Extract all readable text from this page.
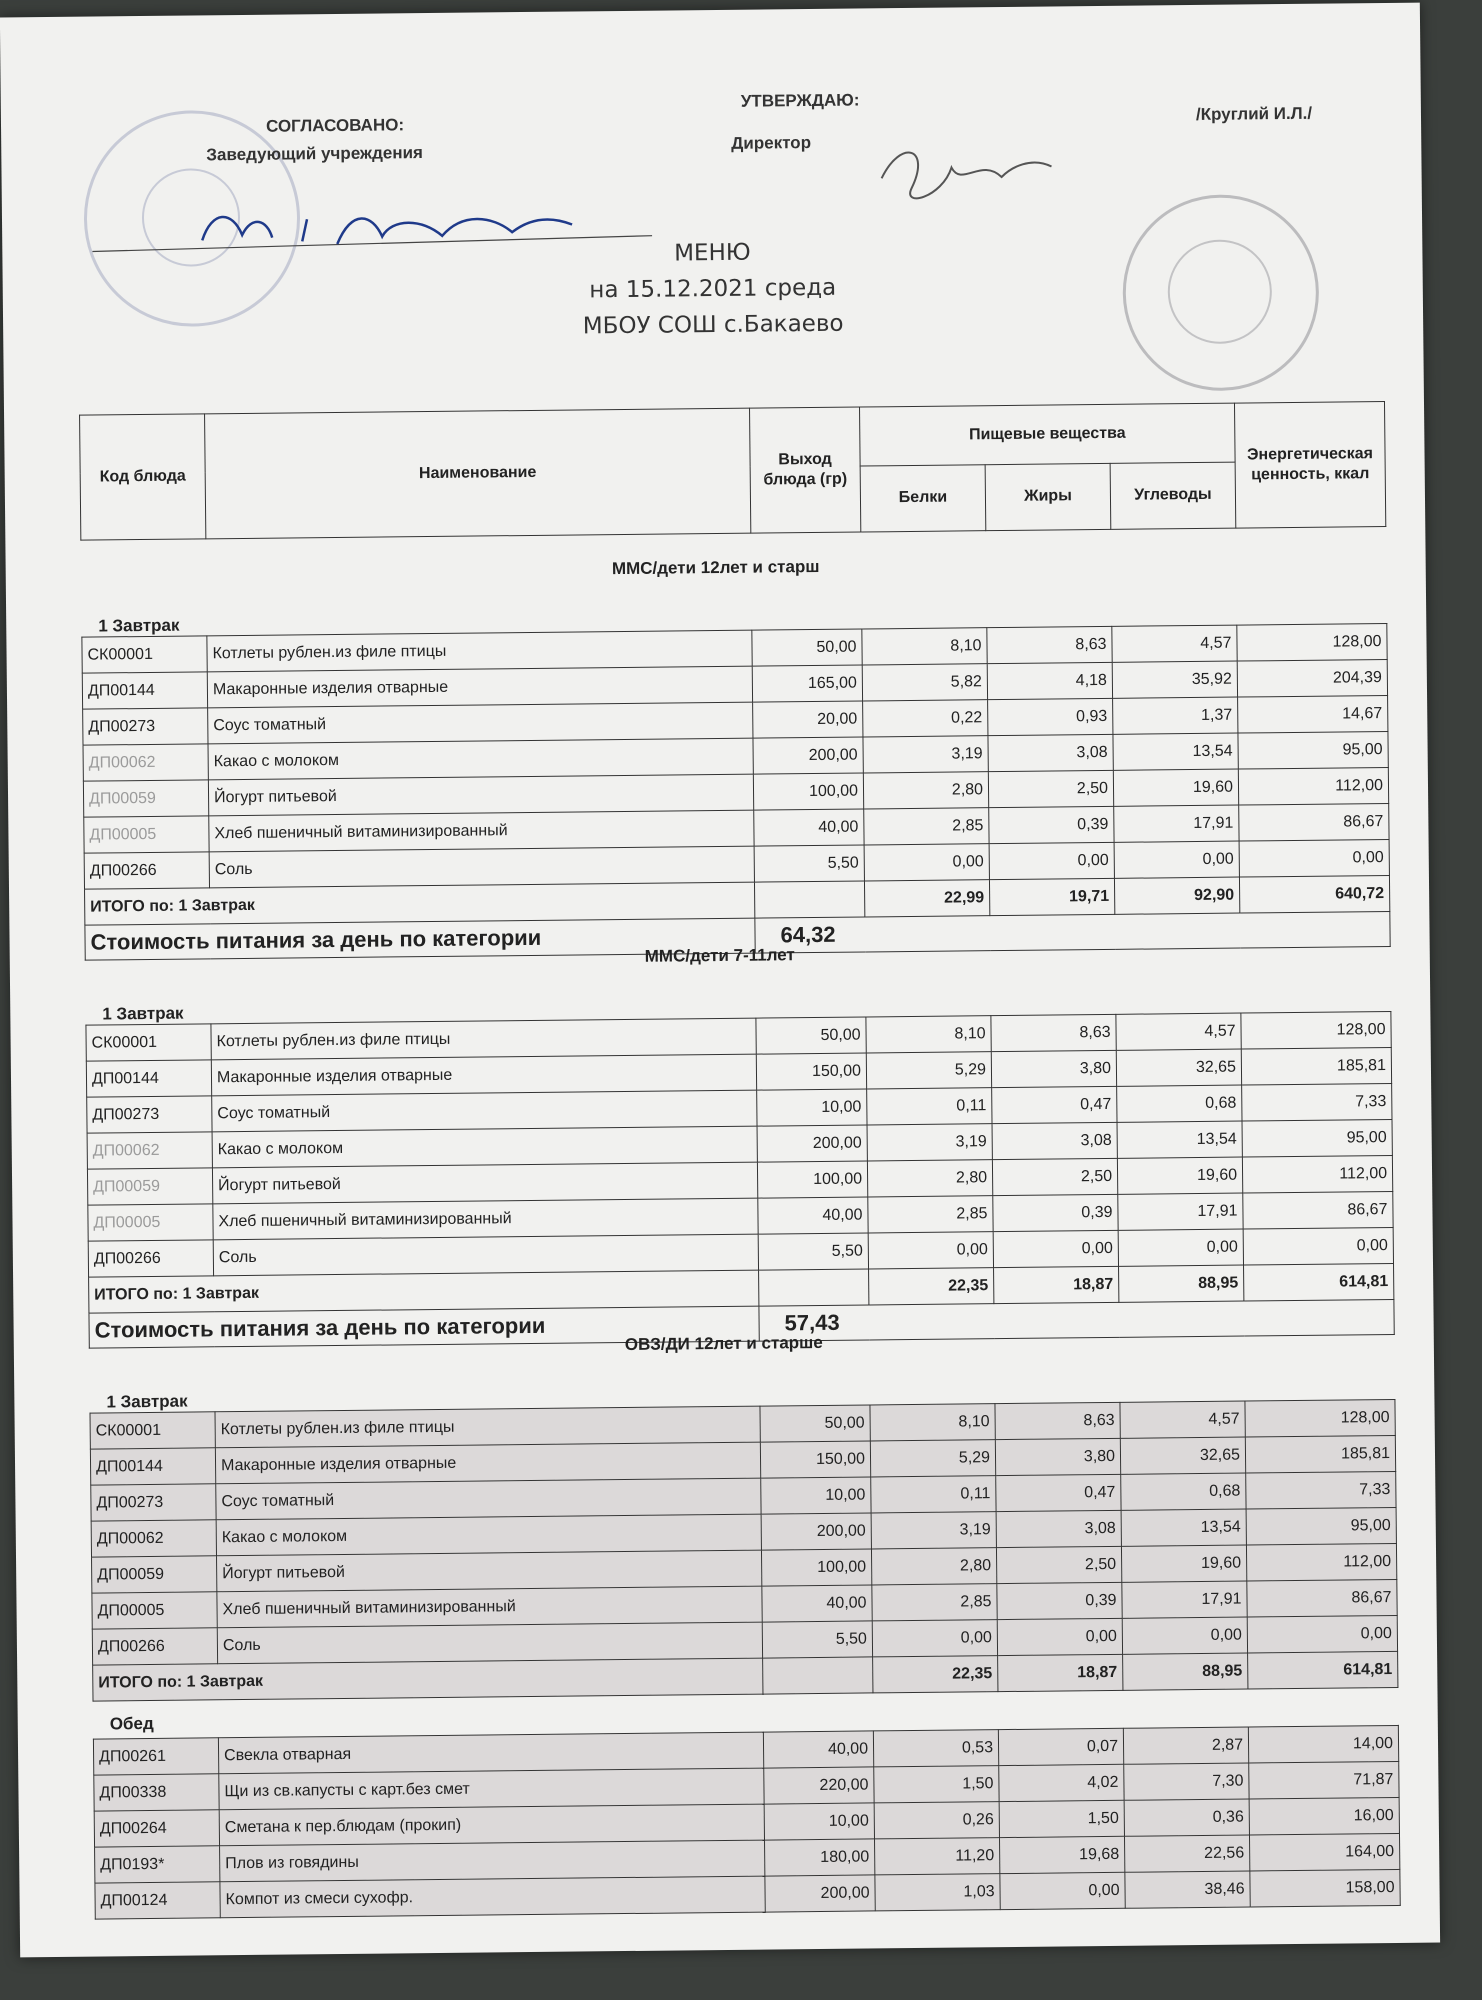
СОГЛАСОВАНО:
Заведующий учреждения
УТВЕРЖДАЮ:
Директор
/Круглий И.Л./
МЕНЮ
на 15.12.2021 среда
МБОУ СОШ с.Бакаево
Код блюда	Наименование	Выход блюда (гр)	Пищевые вещества			Энергетическая ценность, ккал
			Белки	Жиры	Углеводы	
ММС/дети 12лет и старш
1 Завтрак
СК00001	Котлеты рублен.из филе птицы	50,00	8,10	8,63	4,57	128,00
ДП00144	Макаронные изделия отварные	165,00	5,82	4,18	35,92	204,39
ДП00273	Соус томатный	20,00	0,22	0,93	1,37	14,67
ДП00062	Какао с молоком	200,00	3,19	3,08	13,54	95,00
ДП00059	Йогурт питьевой	100,00	2,80	2,50	19,60	112,00
ДП00005	Хлеб пшеничный витаминизированный	40,00	2,85	0,39	17,91	86,67
ДП00266	Соль	5,50	0,00	0,00	0,00	0,00
ИТОГО по: 1 Завтрак			22,99	19,71	92,90	640,72
Стоимость питания за день по категории		64,32				
ММС/дети 7-11лет
1 Завтрак
СК00001	Котлеты рублен.из филе птицы	50,00	8,10	8,63	4,57	128,00
ДП00144	Макаронные изделия отварные	150,00	5,29	3,80	32,65	185,81
ДП00273	Соус томатный	10,00	0,11	0,47	0,68	7,33
ДП00062	Какао с молоком	200,00	3,19	3,08	13,54	95,00
ДП00059	Йогурт питьевой	100,00	2,80	2,50	19,60	112,00
ДП00005	Хлеб пшеничный витаминизированный	40,00	2,85	0,39	17,91	86,67
ДП00266	Соль	5,50	0,00	0,00	0,00	0,00
ИТОГО по: 1 Завтрак			22,35	18,87	88,95	614,81
Стоимость питания за день по категории		57,43				
ОВЗ/ДИ 12лет и старше
1 Завтрак
СК00001	Котлеты рублен.из филе птицы	50,00	8,10	8,63	4,57	128,00
ДП00144	Макаронные изделия отварные	150,00	5,29	3,80	32,65	185,81
ДП00273	Соус томатный	10,00	0,11	0,47	0,68	7,33
ДП00062	Какао с молоком	200,00	3,19	3,08	13,54	95,00
ДП00059	Йогурт питьевой	100,00	2,80	2,50	19,60	112,00
ДП00005	Хлеб пшеничный витаминизированный	40,00	2,85	0,39	17,91	86,67
ДП00266	Соль	5,50	0,00	0,00	0,00	0,00
ИТОГО по: 1 Завтрак			22,35	18,87	88,95	614,81
Обед
ДП00261	Свекла отварная	40,00	0,53	0,07	2,87	14,00
ДП00338	Щи из св.капусты с карт.без смет	220,00	1,50	4,02	7,30	71,87
ДП00264	Сметана к пер.блюдам (прокип)	10,00	0,26	1,50	0,36	16,00
ДП0193*	Плов из говядины	180,00	11,20	19,68	22,56	164,00
ДП00124	Компот из смеси сухофр.	200,00	1,03	0,00	38,46	158,00
